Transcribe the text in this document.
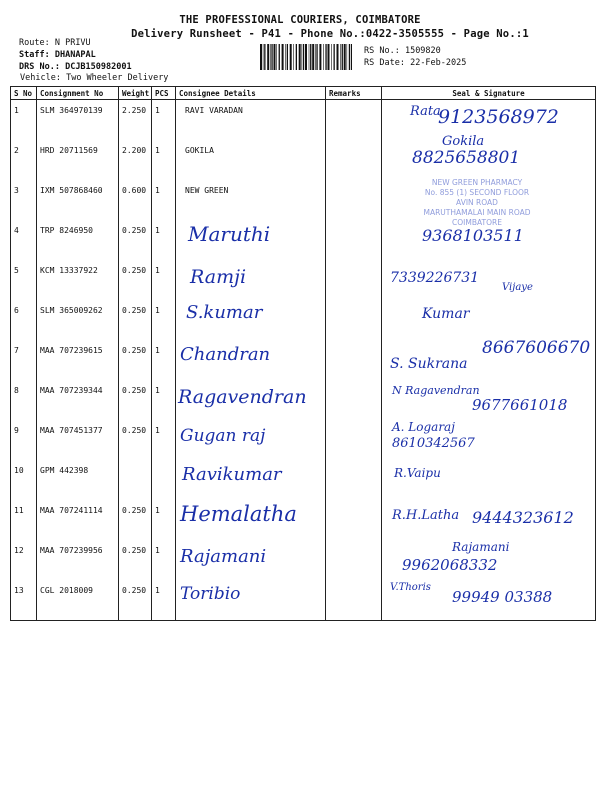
THE PROFESSIONAL COURIERS, COIMBATORE
Delivery Runsheet - P41 - Phone No.:0422-3505555 - Page No.:1
Route: N PRIVU
Staff: DHANAPAL
DRS No.: DCJB150982001
Vehicle: Two Wheeler Delivery
RS No.: 1509820
RS Date: 22-Feb-2025
S No	Consignment No	Weight	PCS	Consignee Details	Remarks	Seal & Signature
1	SLM 364970139	2.250	1	RAVI VARADAN		Rata
9123568972

2	HRD 20711569	2.200	1	GOKILA		Gokila
8825658801

3	IXM 507868460	0.600	1	NEW GREEN		NEW GREEN PHARMACY
No. 855 (1) SECOND FLOOR
AVIN ROAD
MARUTHAMALAI MAIN ROAD
COIMBATORE

4	TRP 8246950	0.250	1	Maruthi		9368103511

5	KCM 13337922	0.250	1	Ramji		7339226731
Vijaye

6	SLM 365009262	0.250	1	S.kumar		Kumar

7	MAA 707239615	0.250	1	Chandran		8667606670
S. Sukrana

8	MAA 707239344	0.250	1	Ragavendran		N Ragavendran
9677661018

9	MAA 707451377	0.250	1	Gugan raj		A. Logaraj
8610342567

10	GPM 442398			Ravikumar		R.Vaipu

11	MAA 707241114	0.250	1	Hemalatha		R.H.Latha 9444323612

12	MAA 707239956	0.250	1	Rajamani		Rajamani
9962068332

13	CGL 2018009	0.250	1	Toribio		V.Thoris
99949 03388
